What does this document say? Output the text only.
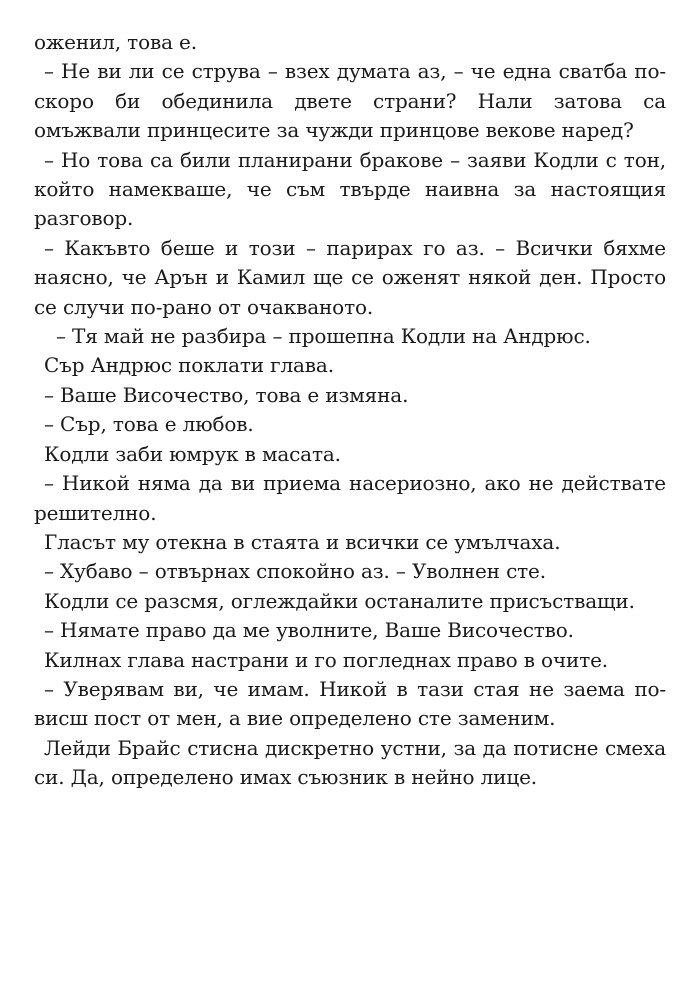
оженил, това е.

– Не ви ли се струва – взех думата аз, – че една сватба по-скоро би обединила двете страни? Нали затова са омъжвали принцесите за чужди принцове векове наред?

– Но това са били планирани бракове – заяви Кодли с тон, който намекваше, че съм твърде наивна за настоящия разговор.

– Какъвто беше и този – парирах го аз. – Всички бяхме наясно, че Арън и Камил ще се оженят някой ден. Просто се случи по-рано от очакваното.

– Тя май не разбира – прошепна Кодли на Андрюс.

Сър Андрюс поклати глава.

– Ваше Височество, това е измяна.

– Сър, това е любов.

Кодли заби юмрук в масата.

– Никой няма да ви приема насериозно, ако не действате решително.

Гласът му отекна в стаята и всички се умълчаха.

– Хубаво – отвърнах спокойно аз. – Уволнен сте.

Кодли се разсмя, оглеждайки останалите присъстващи.

– Нямате право да ме уволните, Ваше Височество.

Килнах глава настрани и го погледнах право в очите.

– Уверявам ви, че имам. Никой в тази стая не заема по-висш пост от мен, а вие определено сте заменим.

Лейди Брайс стисна дискретно устни, за да потисне смеха си. Да, определено имах съюзник в нейно лице.
